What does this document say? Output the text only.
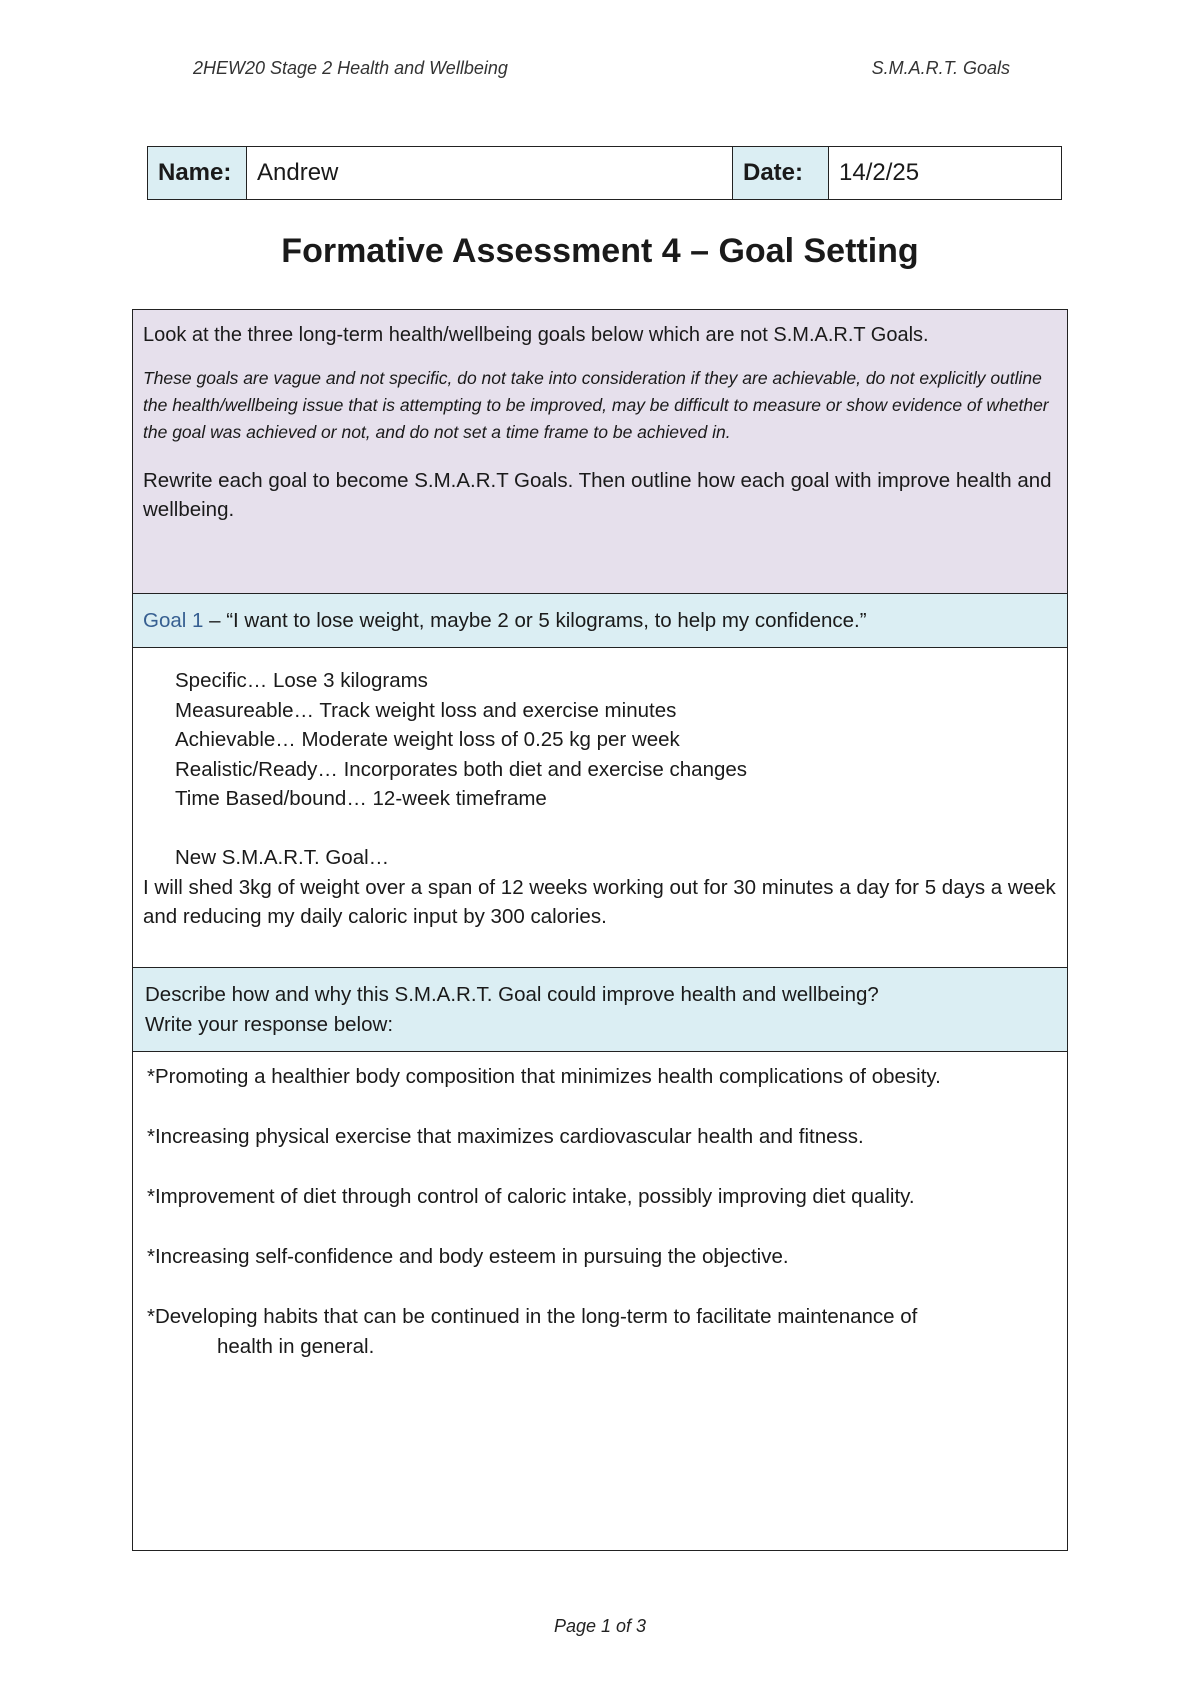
2HEW20 Stage 2 Health and Wellbeing	S.M.A.R.T. Goals
Name:	Andrew	Date:	14/2/25
Formative Assessment 4 – Goal Setting

Look at the three long-term health/wellbeing goals below which are not S.M.A.R.T Goals.

These goals are vague and not specific, do not take into consideration if they are achievable, do not explicitly outline the health/wellbeing issue that is attempting to be improved, may be difficult to measure or show evidence of whether the goal was achieved or not, and do not set a time frame to be achieved in.

Rewrite each goal to become S.M.A.R.T Goals. Then outline how each goal with improve health and wellbeing.

Goal 1 – “I want to lose weight, maybe 2 or 5 kilograms, to help my confidence.”
Specific… Lose 3 kilograms
Measureable… Track weight loss and exercise minutes
Achievable… Moderate weight loss of 0.25 kg per week
Realistic/Ready… Incorporates both diet and exercise changes
Time Based/bound… 12-week timeframe
New S.M.A.R.T. Goal…
I will shed 3kg of weight over a span of 12 weeks working out for 30 minutes a day for 5 days a week and reducing my daily caloric input by 300 calories.
Describe how and why this S.M.A.R.T. Goal could improve health and wellbeing?
Write your response below:

*Promoting a healthier body composition that minimizes health complications of obesity.

*Increasing physical exercise that maximizes cardiovascular health and fitness.

*Improvement of diet through control of caloric intake, possibly improving diet quality.

*Increasing self-confidence and body esteem in pursuing the objective.

*Developing habits that can be continued in the long-term to facilitate maintenance of
health in general.

Page 1 of 3
